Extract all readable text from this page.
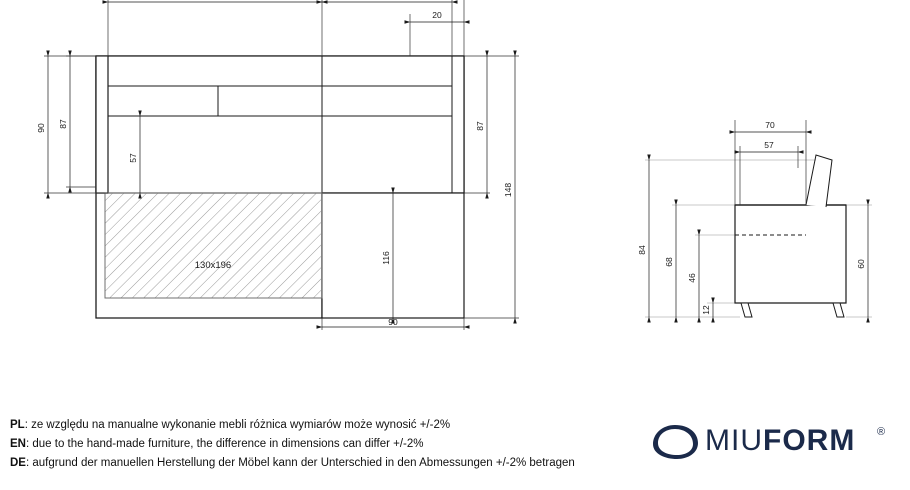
130x196
20
90 87
57
116
87
148
90
70
57
84
68
46
12
60
PL: ze względu na manualne wykonanie mebli różnica wymiarów może wynosić +/-2%
EN: due to the hand-made furniture, the difference in dimensions can differ +/-2%
DE: aufgrund der manuellen Herstellung der Möbel kann der Unterschied in den Abmessungen +/-2% betragen
MIUFORM ®
